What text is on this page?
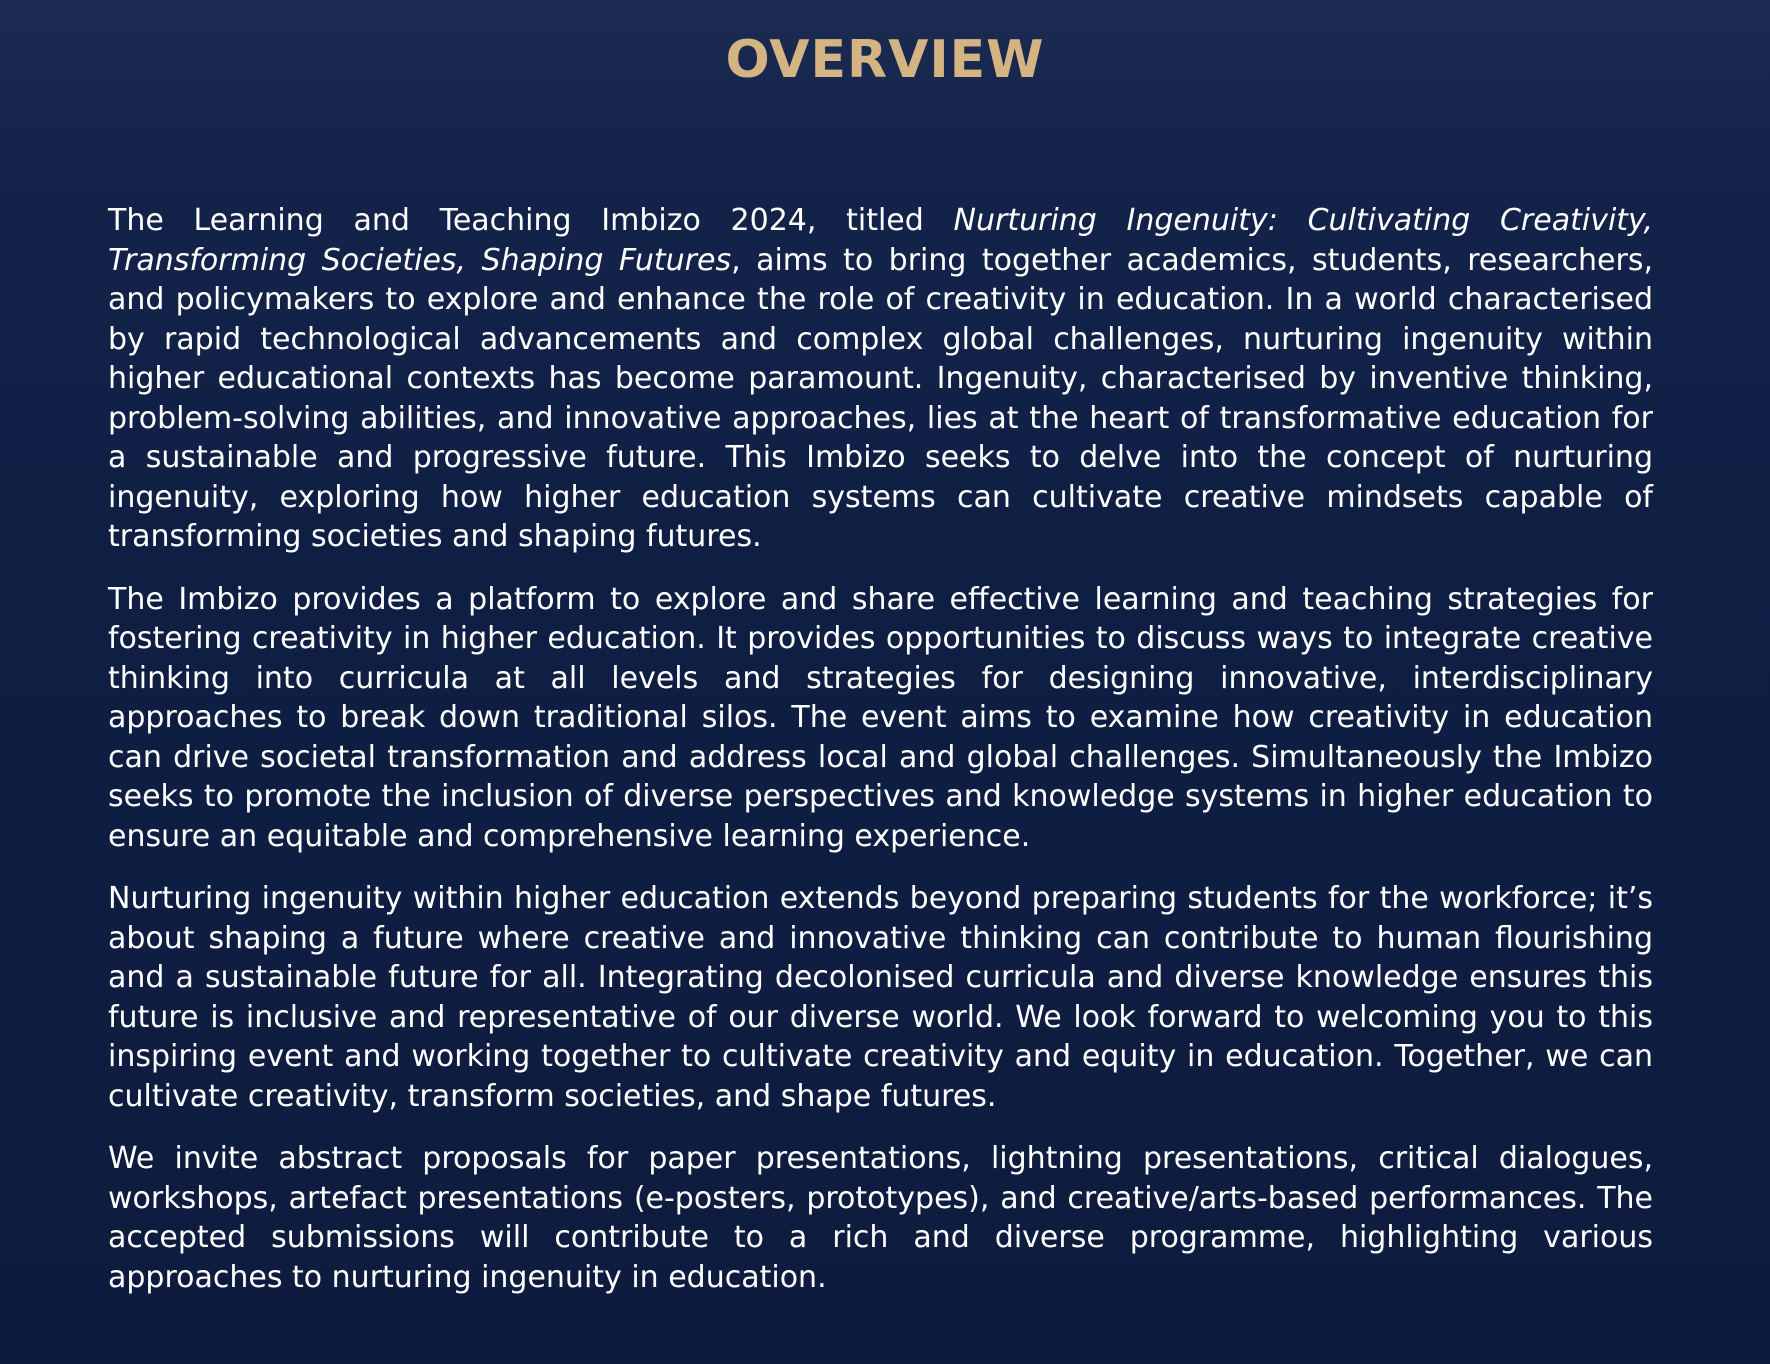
OVERVIEW

The Learning and Teaching Imbizo 2024, titled Nurturing Ingenuity: Cultivating Creativity, Transforming Societies, Shaping Futures, aims to bring together academics, students, researchers, and policymakers to explore and enhance the role of creativity in education. In a world characterised by rapid technological advancements and complex global challenges, nurturing ingenuity within higher educational contexts has become paramount. Ingenuity, characterised by inventive thinking, problem-solving abilities, and innovative approaches, lies at the heart of transformative education for a sustainable and progressive future. This Imbizo seeks to delve into the concept of nurturing ingenuity, exploring how higher education systems can cultivate creative mindsets capable of transforming societies and shaping futures.

The Imbizo provides a platform to explore and share effective learning and teaching strategies for fostering creativity in higher education. It provides opportunities to discuss ways to integrate creative thinking into curricula at all levels and strategies for designing innovative, interdisciplinary approaches to break down traditional silos. The event aims to examine how creativity in education can drive societal transformation and address local and global challenges. Simultaneously the Imbizo seeks to promote the inclusion of diverse perspectives and knowledge systems in higher education to ensure an equitable and comprehensive learning experience.

Nurturing ingenuity within higher education extends beyond preparing students for the workforce; it’s about shaping a future where creative and innovative thinking can contribute to human flourishing and a sustainable future for all. Integrating decolonised curricula and diverse knowledge ensures this future is inclusive and representative of our diverse world. We look forward to welcoming you to this inspiring event and working together to cultivate creativity and equity in education. Together, we can cultivate creativity, transform societies, and shape futures.

We invite abstract proposals for paper presentations, lightning presentations, critical dialogues, workshops, artefact presentations (e-posters, prototypes), and creative/arts-based performances. The accepted submissions will contribute to a rich and diverse programme, highlighting various approaches to nurturing ingenuity in education.
